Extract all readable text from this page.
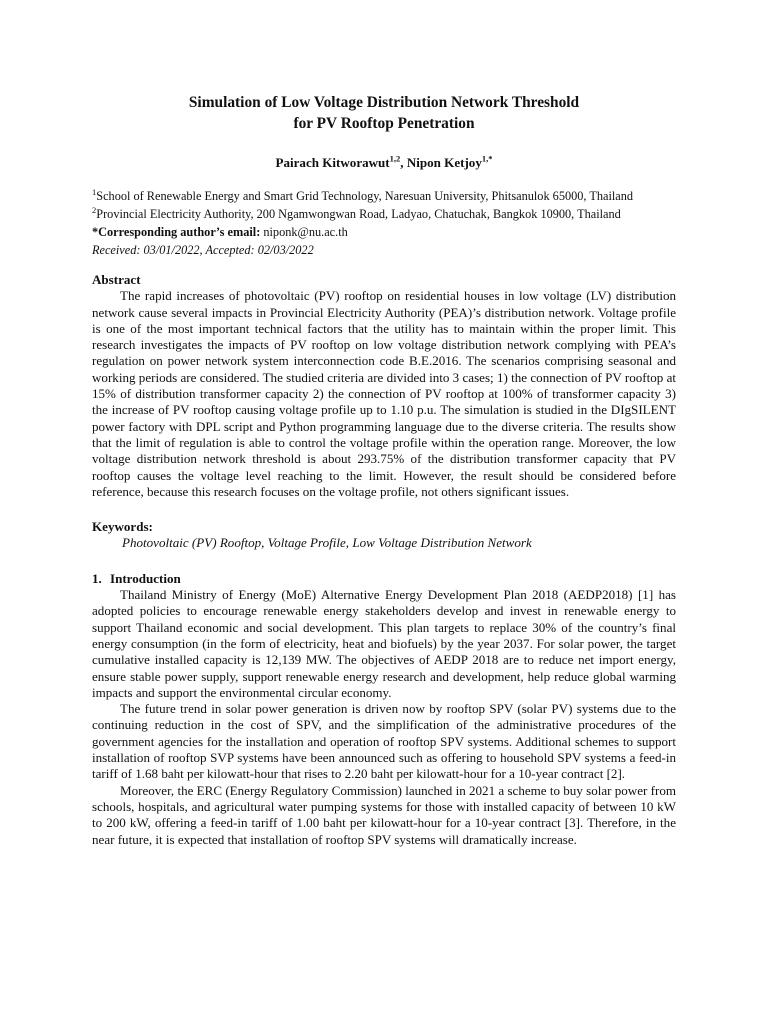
Simulation of Low Voltage Distribution Network Threshold
for PV Rooftop Penetration
Pairach Kitworawut$^{1,2}$, Nipon Ketjoy$^{1,*}$
$^1$School of Renewable Energy and Smart Grid Technology, Naresuan University, Phitsanulok 65000, Thailand
$^2$Provincial Electricity Authority, 200 Ngamwongwan Road, Ladyao, Chatuchak, Bangkok 10900, Thailand
*Corresponding author’s email: niponk@nu.ac.th
Received: 03/01/2022, Accepted: 02/03/2022
Abstract

The rapid increases of photovoltaic (PV) rooftop on residential houses in low voltage (LV) distribution network cause several impacts in Provincial Electricity Authority (PEA)’s distribution network. Voltage profile is one of the most important technical factors that the utility has to maintain within the proper limit. This research investigates the impacts of PV rooftop on low voltage distribution network complying with PEA’s regulation on power network system interconnection code B.E.2016. The scenarios comprising seasonal and working periods are considered. The studied criteria are divided into 3 cases; 1) the connection of PV rooftop at 15% of distribution transformer capacity 2) the connection of PV rooftop at 100% of transformer capacity 3) the increase of PV rooftop causing voltage profile up to 1.10 p.u. The simulation is studied in the DIgSILENT power factory with DPL script and Python programming language due to the diverse criteria. The results show that the limit of regulation is able to control the voltage profile within the operation range. Moreover, the low voltage distribution network threshold is about 293.75% of the distribution transformer capacity that PV rooftop causes the voltage level reaching to the limit. However, the result should be considered before reference, because this research focuses on the voltage profile, not others significant issues.

Keywords:
Photovoltaic (PV) Rooftop, Voltage Profile, Low Voltage Distribution Network
1. Introduction

Thailand Ministry of Energy (MoE) Alternative Energy Development Plan 2018 (AEDP2018) [1] has adopted policies to encourage renewable energy stakeholders develop and invest in renewable energy to support Thailand economic and social development. This plan targets to replace 30% of the country’s final energy consumption (in the form of electricity, heat and biofuels) by the year 2037. For solar power, the target cumulative installed capacity is 12,139 MW. The objectives of AEDP 2018 are to reduce net import energy, ensure stable power supply, support renewable energy research and development, help reduce global warming impacts and support the environmental circular economy.

The future trend in solar power generation is driven now by rooftop SPV (solar PV) systems due to the continuing reduction in the cost of SPV, and the simplification of the administrative procedures of the government agencies for the installation and operation of rooftop SPV systems. Additional schemes to support installation of rooftop SVP systems have been announced such as offering to household SPV systems a feed-in tariff of 1.68 baht per kilowatt-hour that rises to 2.20 baht per kilowatt-hour for a 10-year contract [2].

Moreover, the ERC (Energy Regulatory Commission) launched in 2021 a scheme to buy solar power from schools, hospitals, and agricultural water pumping systems for those with installed capacity of between 10 kW to 200 kW, offering a feed-in tariff of 1.00 baht per kilowatt-hour for a 10-year contract [3]. Therefore, in the near future, it is expected that installation of rooftop SPV systems will dramatically increase.
